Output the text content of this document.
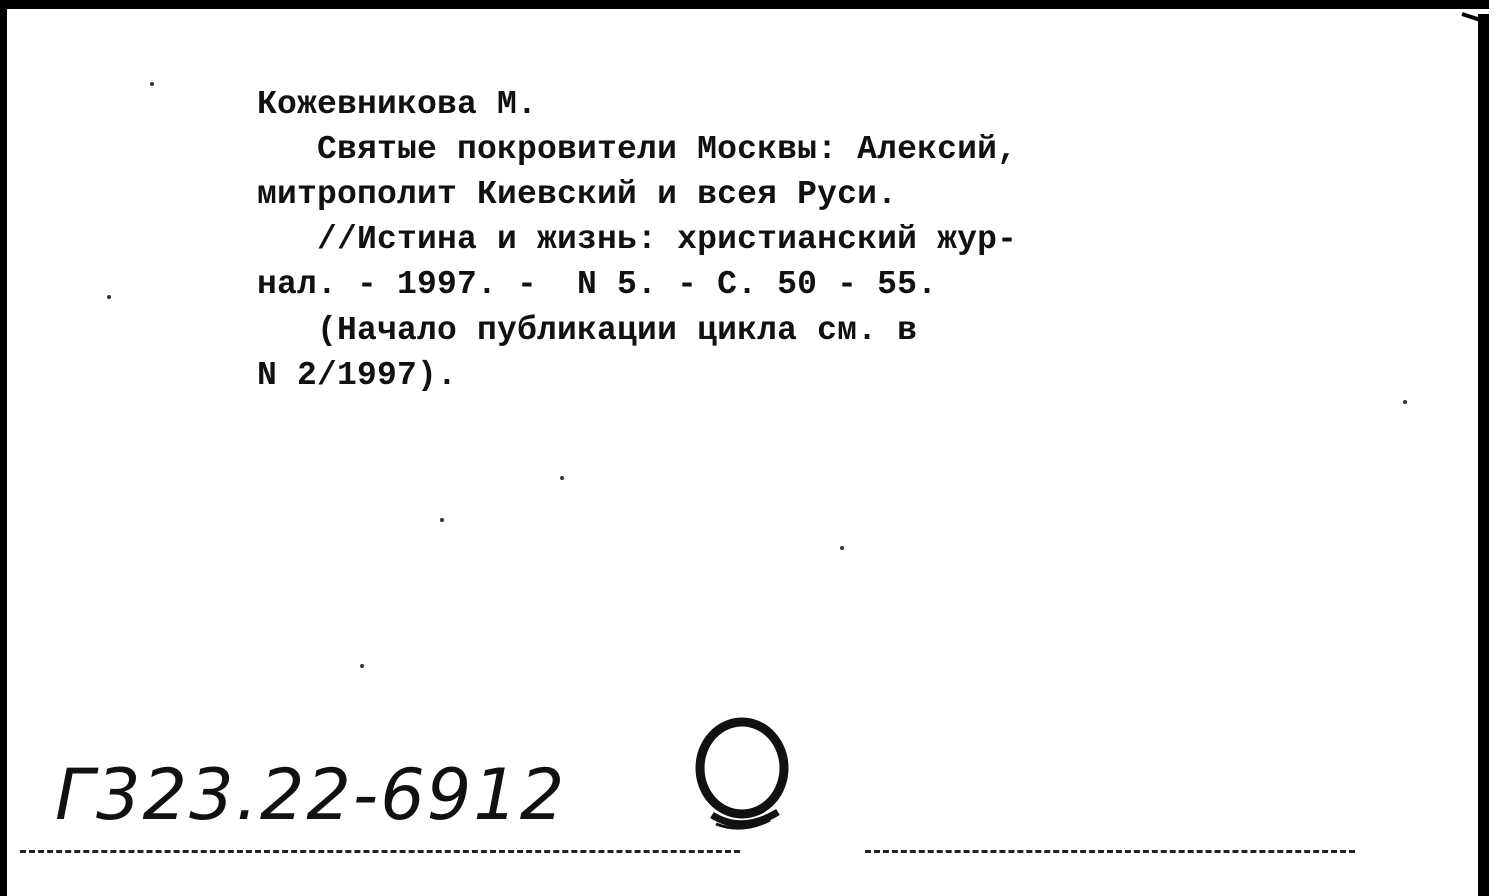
Кожевникова М.
Святые покровители Москвы: Алексий,
митрополит Киевский и всея Руси.
//Истина и жизнь: христианский жур-
нал. - 1997. -  N 5. - С. 50 - 55.
(Начало публикации цикла см. в
N 2/1997).
Г323.22-6912
